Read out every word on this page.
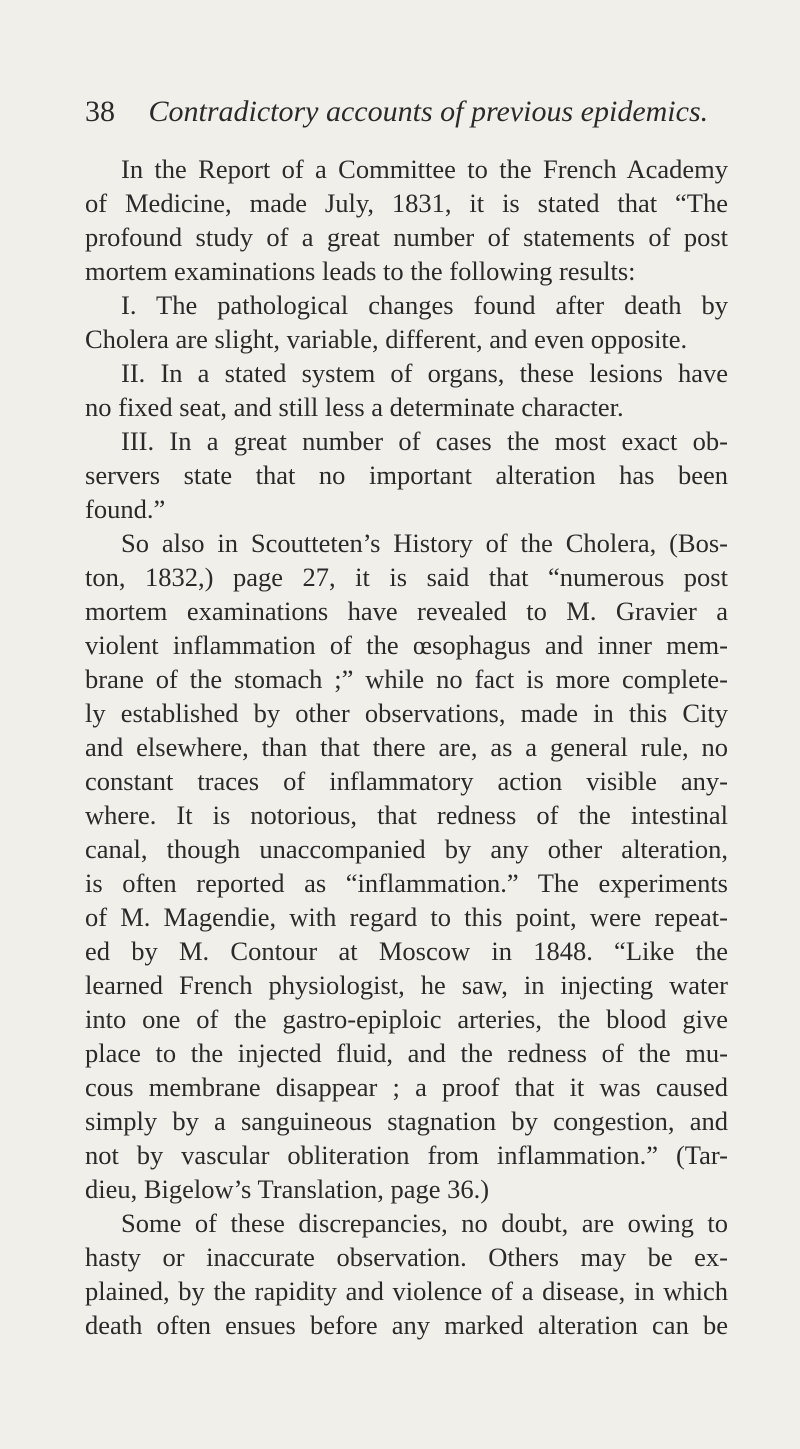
38 Contradictory accounts of previous epidemics.
In the Report of a Committee to the French Academy
of Medicine, made July, 1831, it is stated that “The
profound study of a great number of statements of post
mortem examinations leads to the following results:
I. The pathological changes found after death by
Cholera are slight, variable, different, and even opposite.
II. In a stated system of organs, these lesions have
no fixed seat, and still less a determinate character.
III. In a great number of cases the most exact ob-
servers state that no important alteration has been
found.”
So also in Scoutteten’s History of the Cholera, (Bos-
ton, 1832,) page 27, it is said that “numerous post
mortem examinations have revealed to M. Gravier a
violent inflammation of the œsophagus and inner mem-
brane of the stomach ;” while no fact is more complete-
ly established by other observations, made in this City
and elsewhere, than that there are, as a general rule, no
constant traces of inflammatory action visible any-
where. It is notorious, that redness of the intestinal
canal, though unaccompanied by any other alteration,
is often reported as “inflammation.” The experiments
of M. Magendie, with regard to this point, were repeat-
ed by M. Contour at Moscow in 1848. “Like the
learned French physiologist, he saw, in injecting water
into one of the gastro-epiploic arteries, the blood give
place to the injected fluid, and the redness of the mu-
cous membrane disappear ; a proof that it was caused
simply by a sanguineous stagnation by congestion, and
not by vascular obliteration from inflammation.” (Tar-
dieu, Bigelow’s Translation, page 36.)
Some of these discrepancies, no doubt, are owing to
hasty or inaccurate observation. Others may be ex-
plained, by the rapidity and violence of a disease, in which
death often ensues before any marked alteration can be
